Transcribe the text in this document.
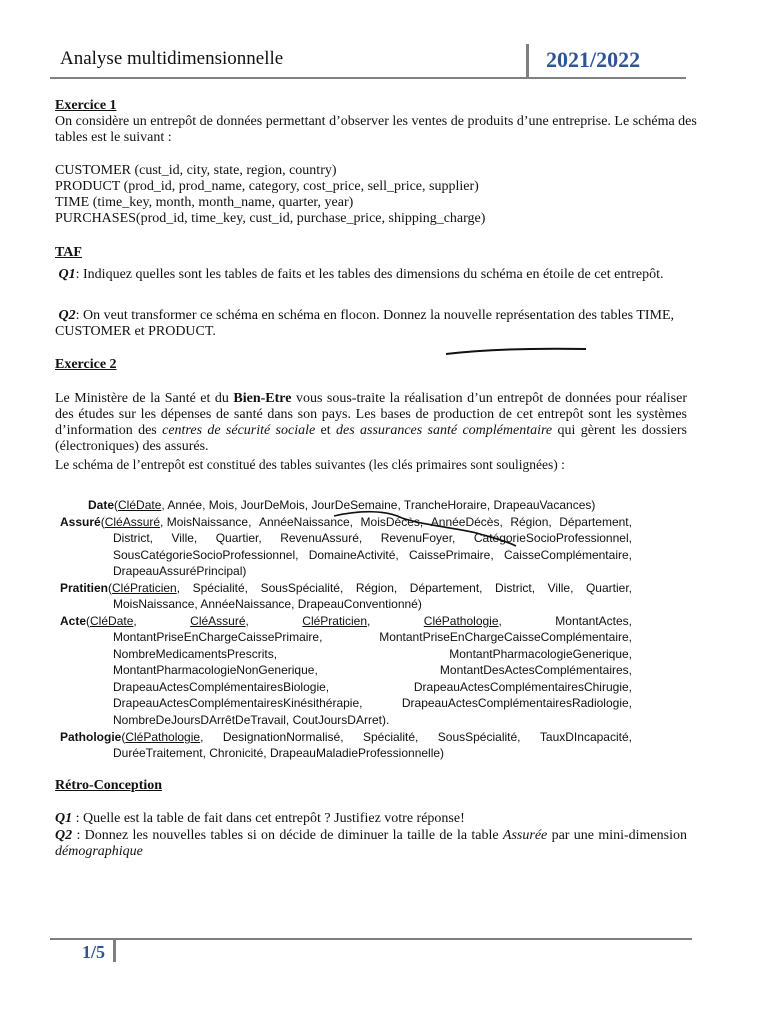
Analyse multidimensionnelle	2021/2022
Exercice 1
On considère un entrepôt de données permettant d’observer les ventes de produits d’une entreprise. Le schéma des tables est le suivant :
CUSTOMER (cust_id, city, state, region, country)
PRODUCT (prod_id, prod_name, category, cost_price, sell_price, supplier)
TIME (time_key, month, month_name, quarter, year)
PURCHASES(prod_id, time_key, cust_id, purchase_price, shipping_charge)
TAF
Q1: Indiquez quelles sont les tables de faits et les tables des dimensions du schéma en étoile de cet entrepôt.
Q2: On veut transformer ce schéma en schéma en flocon. Donnez la nouvelle représentation des tables TIME, CUSTOMER et PRODUCT.
Exercice 2
Le Ministère de la Santé et du Bien-Etre vous sous-traite la réalisation d’un entrepôt de données pour réaliser des études sur les dépenses de santé dans son pays. Les bases de production de cet entrepôt sont les systèmes d’information des centres de sécurité sociale et des assurances santé complémentaire qui gèrent les dossiers (électroniques) des assurés.
Le schéma de l’entrepôt est constitué des tables suivantes (les clés primaires sont soulignées) :
Date(CléDate, Année, Mois, JourDeMois, JourDeSemaine, TrancheHoraire, DrapeauVacances)
Assuré(CléAssuré, MoisNaissance, AnnéeNaissance, MoisDécès, AnnéeDécès, Région, Département,
District, Ville, Quartier, RevenuAssuré, RevenuFoyer, CatégorieSocioProfessionnel,
SousCatégorieSocioProfessionnel, DomaineActivité, CaissePrimaire, CaisseComplémentaire,
DrapeauAssuréPrincipal)
Pratitien(CléPraticien, Spécialité, SousSpécialité, Région, Département, District, Ville, Quartier,
MoisNaissance, AnnéeNaissance, DrapeauConventionné)
Acte(CléDate,	CléAssuré,	CléPraticien,	CléPathologie,	MontantActes,
MontantPriseEnChargeCaissePrimaire,	MontantPriseEnChargeCaisseComplémentaire,
NombreMedicamentsPrescrits,	MontantPharmacologieGenerique,
MontantPharmacologieNonGenerique,	MontantDesActesComplémentaires,
DrapeauActesComplémentairesBiologie,	DrapeauActesComplémentairesChirugie,
DrapeauActesComplémentairesKinésithérapie,	DrapeauActesComplémentairesRadiologie,
NombreDeJoursDArrêtDeTravail, CoutJoursDArret).
Pathologie(CléPathologie, DesignationNormalisé, Spécialité, SousSpécialité, TauxDIncapacité,
DuréeTraitement, Chronicité, DrapeauMaladieProfessionnelle)
Rétro-Conception
Q1 : Quelle est la table de fait dans cet entrepôt ? Justifiez votre réponse!
Q2 : Donnez les nouvelles tables si on décide de diminuer la taille de la table Assurée par une mini-dimension démographique
1/5
